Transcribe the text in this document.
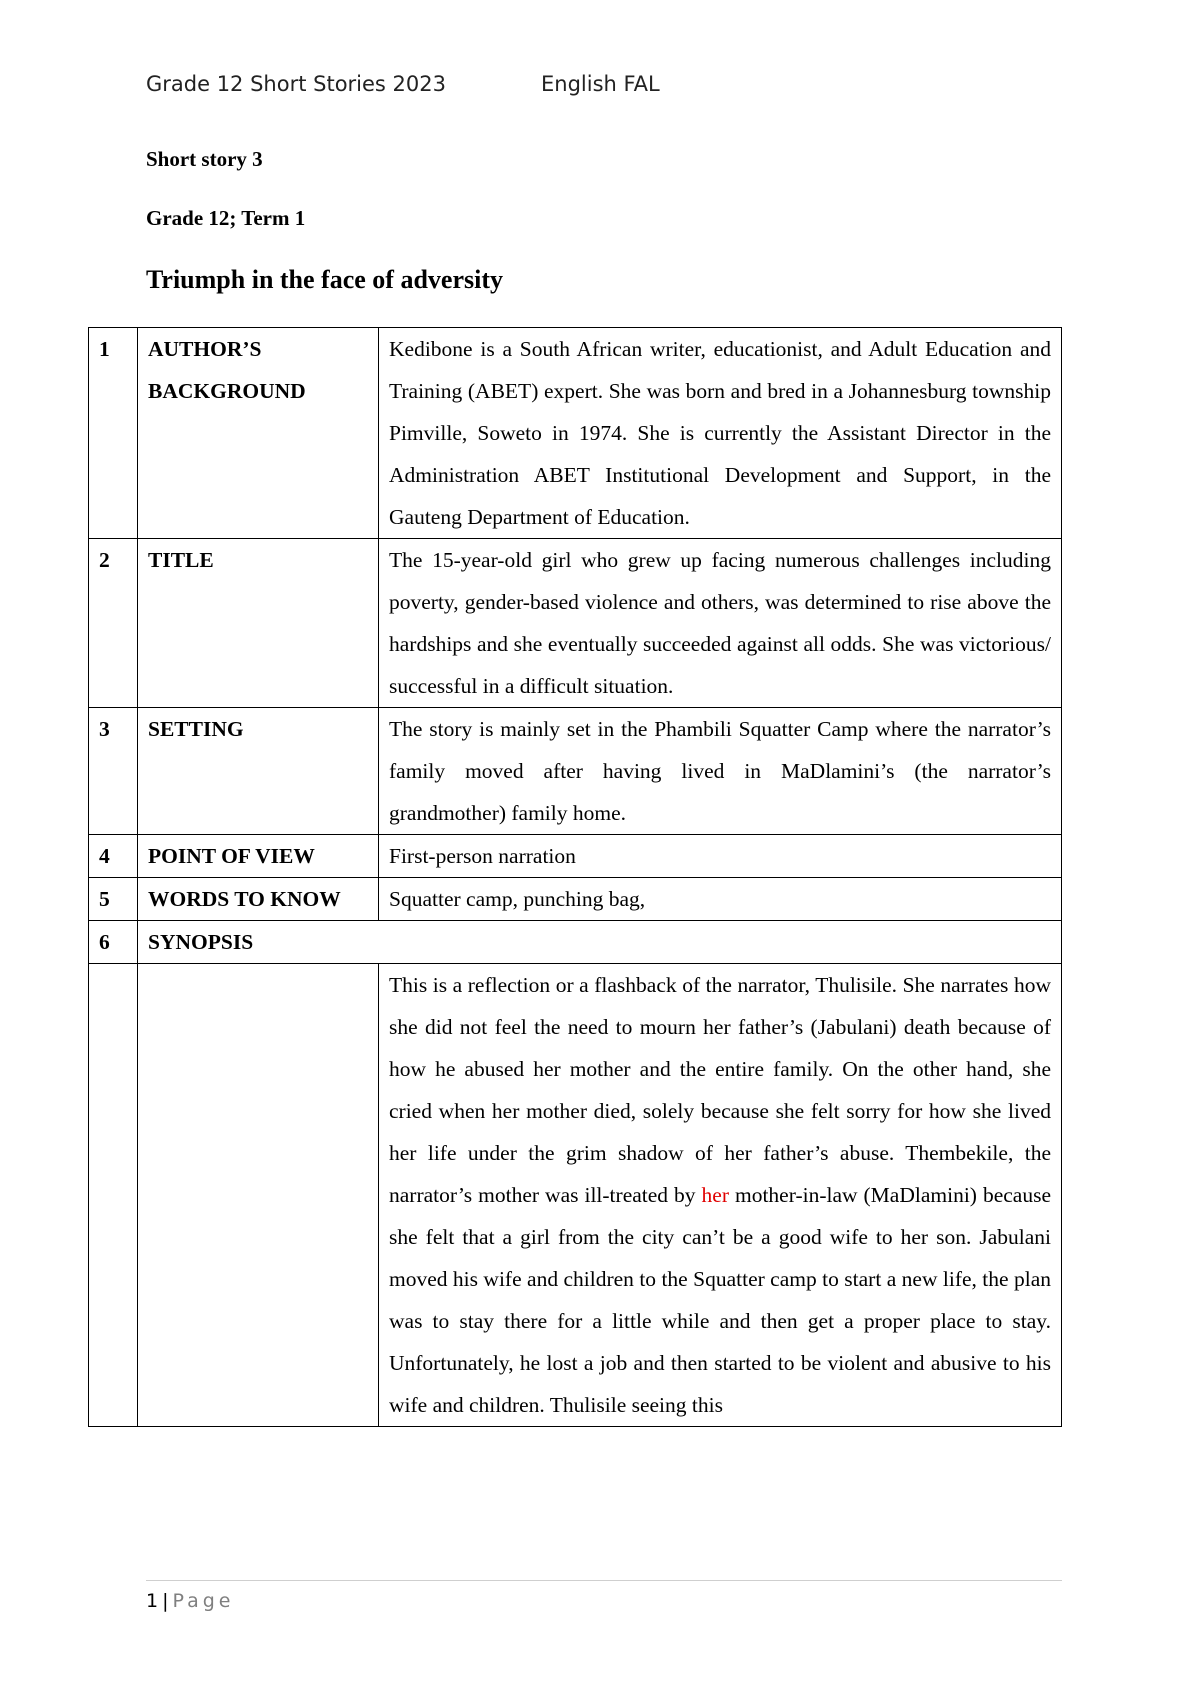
Grade 12 Short Stories 2023	English FAL
Short story 3
Grade 12; Term 1
Triumph in the face of adversity
1	AUTHOR’S BACKGROUND	Kedibone is a South African writer, educationist, and Adult Education and Training (ABET) expert. She was born and bred in a Johannesburg township Pimville, Soweto in 1974. She is currently the Assistant Director in the Administration ABET Institutional Development and Support, in the Gauteng Department of Education.
2	TITLE	The 15-year-old girl who grew up facing numerous challenges including poverty, gender-based violence and others, was determined to rise above the hardships and she eventually succeeded against all odds. She was victorious/ successful in a difficult situation.
3	SETTING	The story is mainly set in the Phambili Squatter Camp where the narrator’s family moved after having lived in MaDlamini’s (the narrator’s grandmother) family home.
4	POINT OF VIEW	First-person narration
5	WORDS TO KNOW	Squatter camp, punching bag,
6	SYNOPSIS	
		This is a reflection or a flashback of the narrator, Thulisile. She narrates how she did not feel the need to mourn her father’s (Jabulani) death because of how he abused her mother and the entire family. On the other hand, she cried when her mother died, solely because she felt sorry for how she lived her life under the grim shadow of her father’s abuse. Thembekile, the narrator’s mother was ill-treated by her mother-in-law (MaDlamini) because she felt that a girl from the city can’t be a good wife to her son. Jabulani moved his wife and children to the Squatter camp to start a new life, the plan was to stay there for a little while and then get a proper place to stay. Unfortunately, he lost a job and then started to be violent and abusive to his wife and children. Thulisile seeing this
1 | Page
